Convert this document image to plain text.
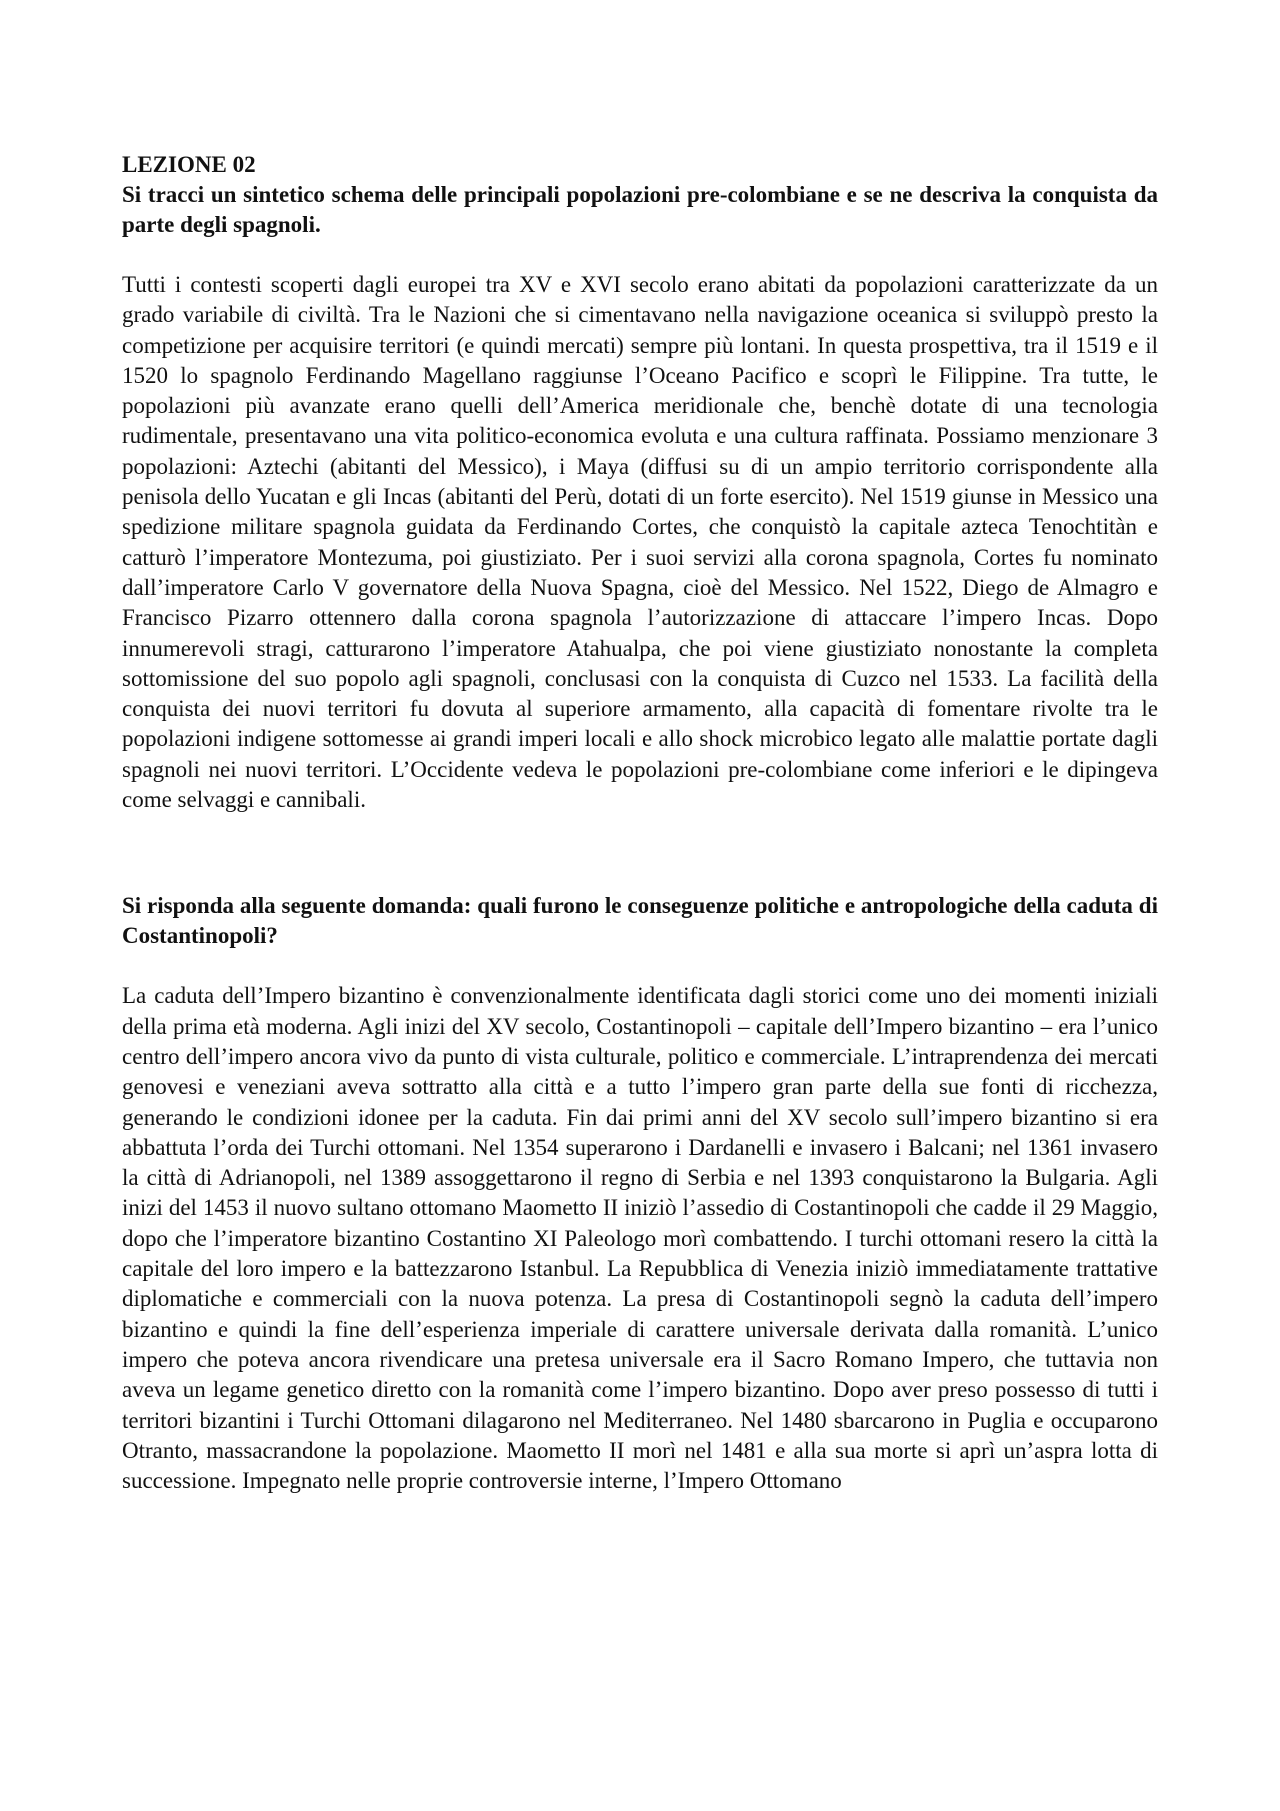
LEZIONE 02

Si tracci un sintetico schema delle principali popolazioni pre-colombiane e se ne descriva la conquista da parte degli spagnoli.

Tutti i contesti scoperti dagli europei tra XV e XVI secolo erano abitati da popolazioni caratterizzate da un grado variabile di civiltà. Tra le Nazioni che si cimentavano nella navigazione oceanica si sviluppò presto la competizione per acquisire territori (e quindi mercati) sempre più lontani. In questa prospettiva, tra il 1519 e il 1520 lo spagnolo Ferdinando Magellano raggiunse l’Oceano Pacifico e scoprì le Filippine. Tra tutte, le popolazioni più avanzate erano quelli dell’America meridionale che, benchè dotate di una tecnologia rudimentale, presentavano una vita politico-economica evoluta e una cultura raffinata. Possiamo menzionare 3 popolazioni: Aztechi (abitanti del Messico), i Maya (diffusi su di un ampio territorio corrispondente alla penisola dello Yucatan e gli Incas (abitanti del Perù, dotati di un forte esercito). Nel 1519 giunse in Messico una spedizione militare spagnola guidata da Ferdinando Cortes, che conquistò la capitale azteca Tenochtitàn e catturò l’imperatore Montezuma, poi giustiziato. Per i suoi servizi alla corona spagnola, Cortes fu nominato dall’imperatore Carlo V governatore della Nuova Spagna, cioè del Messico. Nel 1522, Diego de Almagro e Francisco Pizarro ottennero dalla corona spagnola l’autorizzazione di attaccare l’impero Incas. Dopo innumerevoli stragi, catturarono l’imperatore Atahualpa, che poi viene giustiziato nonostante la completa sottomissione del suo popolo agli spagnoli, conclusasi con la conquista di Cuzco nel 1533. La facilità della conquista dei nuovi territori fu dovuta al superiore armamento, alla capacità di fomentare rivolte tra le popolazioni indigene sottomesse ai grandi imperi locali e allo shock microbico legato alle malattie portate dagli spagnoli nei nuovi territori. L’Occidente vedeva le popolazioni pre-colombiane come inferiori e le dipingeva come selvaggi e cannibali.

Si risponda alla seguente domanda: quali furono le conseguenze politiche e antropologiche della caduta di Costantinopoli?

La caduta dell’Impero bizantino è convenzionalmente identificata dagli storici come uno dei momenti iniziali della prima età moderna. Agli inizi del XV secolo, Costantinopoli – capitale dell’Impero bizantino – era l’unico centro dell’impero ancora vivo da punto di vista culturale, politico e commerciale. L’intraprendenza dei mercati genovesi e veneziani aveva sottratto alla città e a tutto l’impero gran parte della sue fonti di ricchezza, generando le condizioni idonee per la caduta. Fin dai primi anni del XV secolo sull’impero bizantino si era abbattuta l’orda dei Turchi ottomani. Nel 1354 superarono i Dardanelli e invasero i Balcani; nel 1361 invasero la città di Adrianopoli, nel 1389 assoggettarono il regno di Serbia e nel 1393 conquistarono la Bulgaria. Agli inizi del 1453 il nuovo sultano ottomano Maometto II iniziò l’assedio di Costantinopoli che cadde il 29 Maggio, dopo che l’imperatore bizantino Costantino XI Paleologo morì combattendo. I turchi ottomani resero la città la capitale del loro impero e la battezzarono Istanbul. La Repubblica di Venezia iniziò immediatamente trattative diplomatiche e commerciali con la nuova potenza. La presa di Costantinopoli segnò la caduta dell’impero bizantino e quindi la fine dell’esperienza imperiale di carattere universale derivata dalla romanità. L’unico impero che poteva ancora rivendicare una pretesa universale era il Sacro Romano Impero, che tuttavia non aveva un legame genetico diretto con la romanità come l’impero bizantino. Dopo aver preso possesso di tutti i territori bizantini i Turchi Ottomani dilagarono nel Mediterraneo. Nel 1480 sbarcarono in Puglia e occuparono Otranto, massacrandone la popolazione. Maometto II morì nel 1481 e alla sua morte si aprì un’aspra lotta di successione. Impegnato nelle proprie controversie interne, l’Impero Ottomano
